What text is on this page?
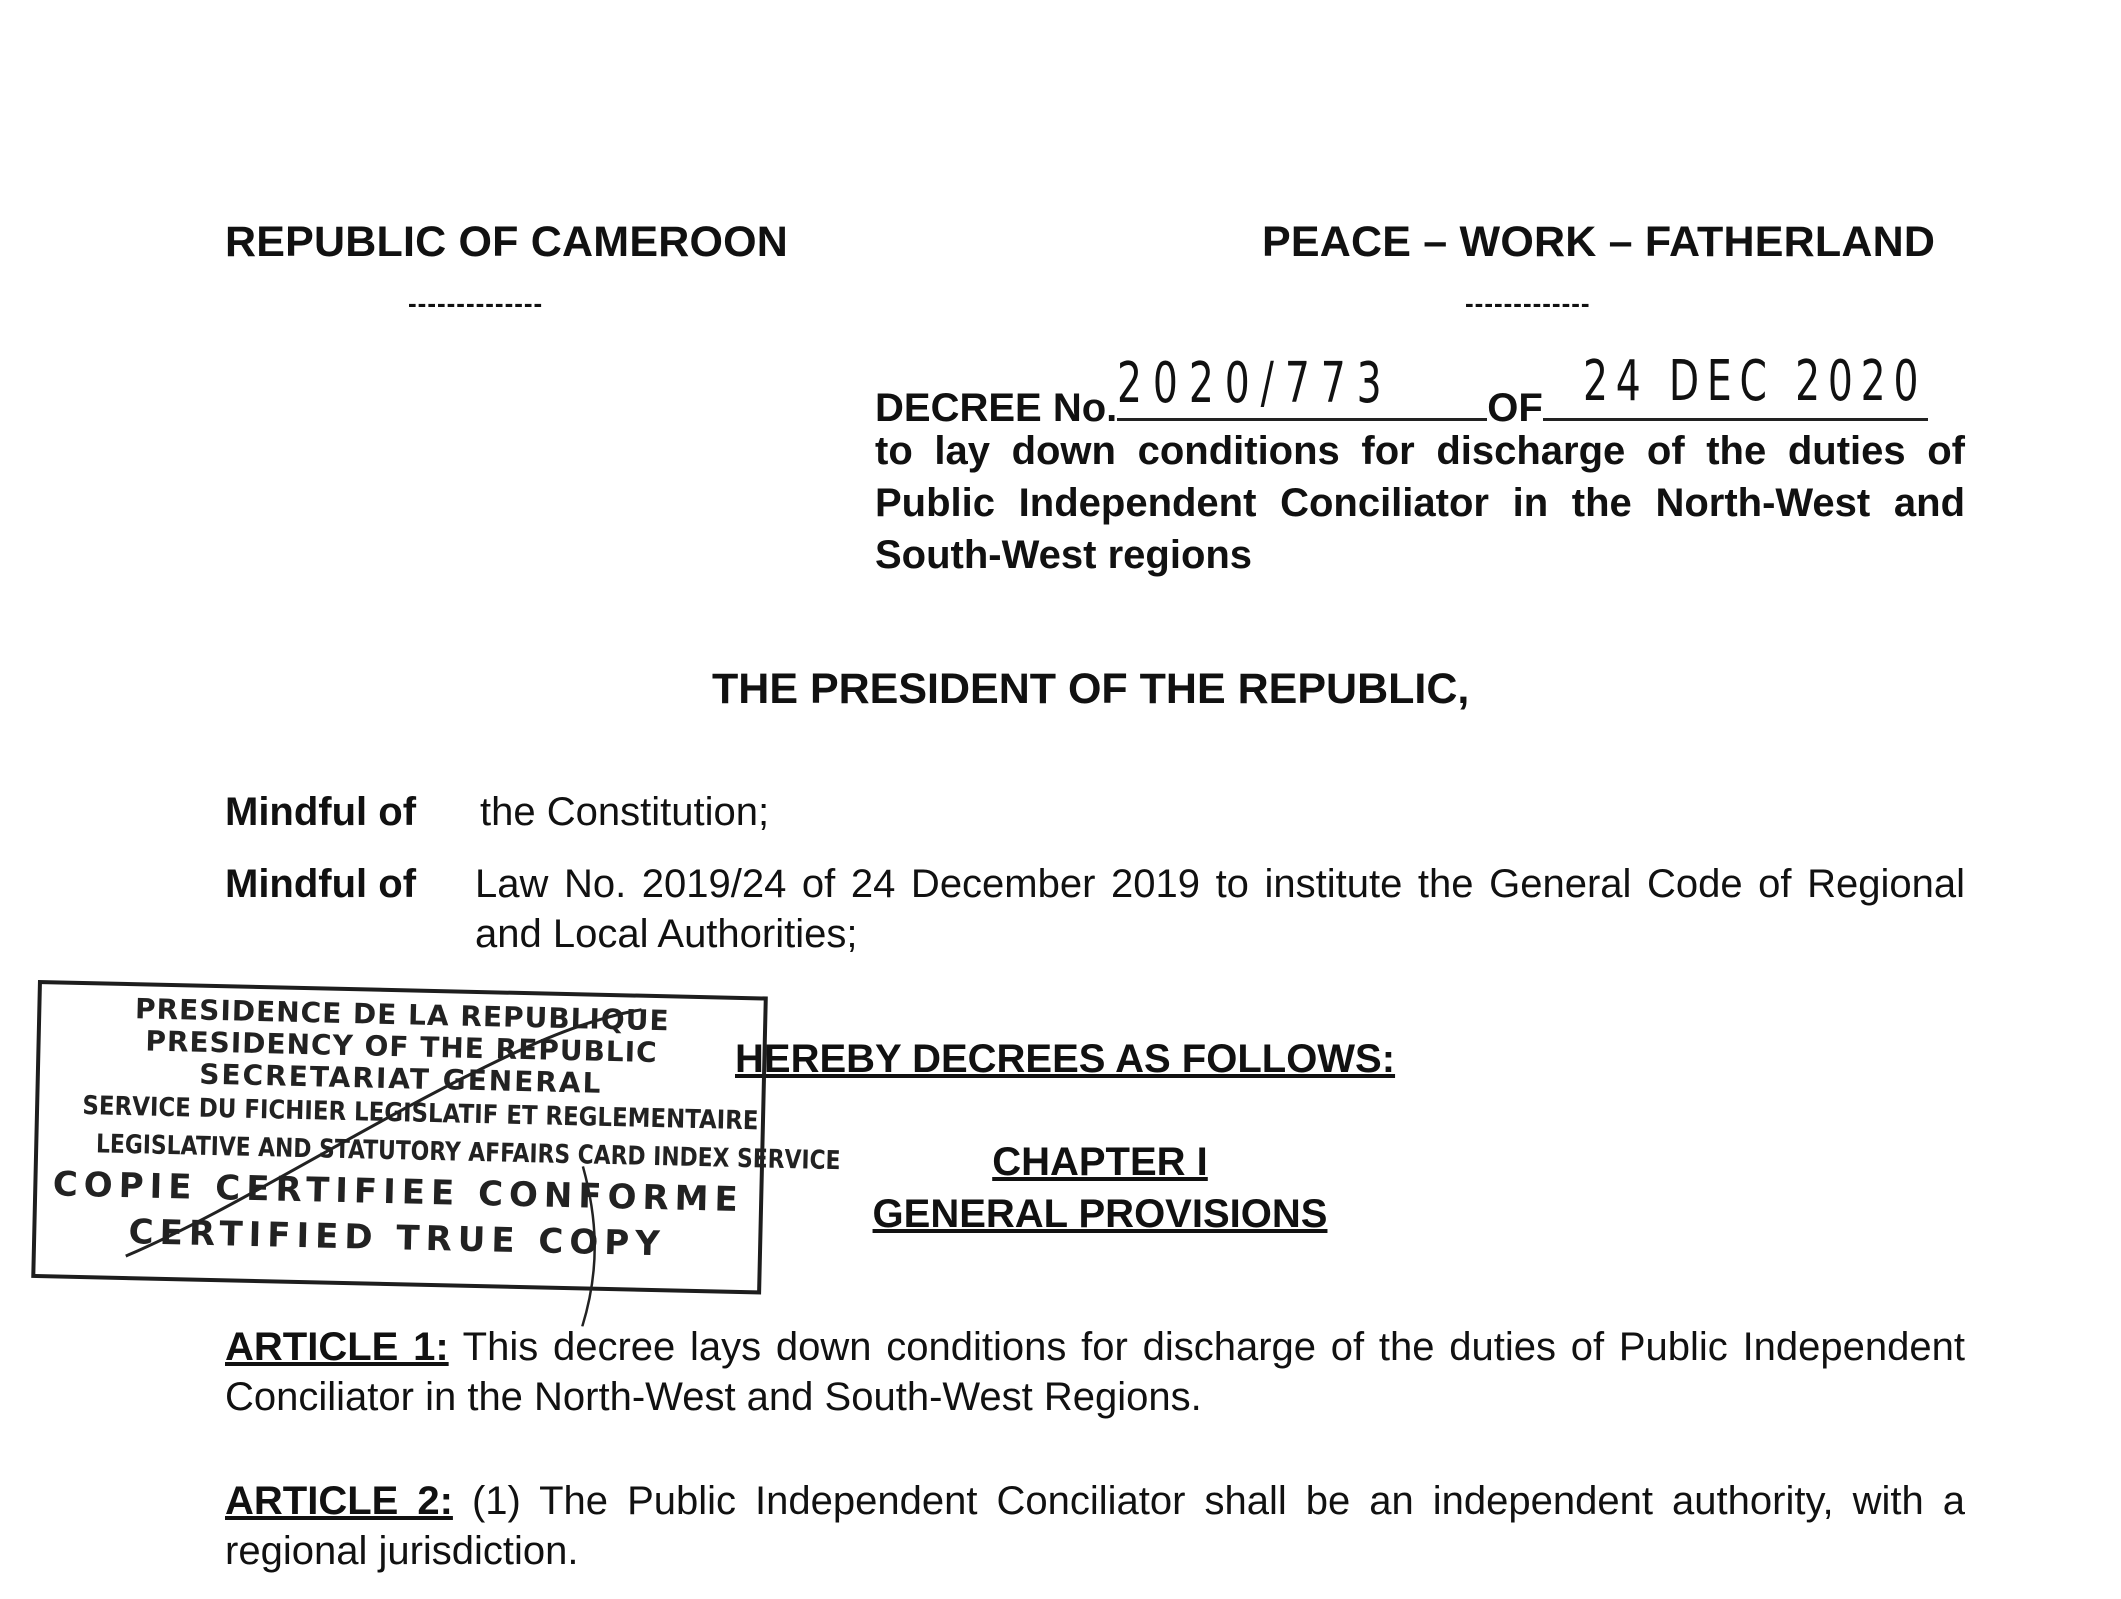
REPUBLIC OF CAMEROON
--------------
PEACE – WORK – FATHERLAND
-------------
DECREE No. 2020/773	OF 24 DEC 2020
to lay down conditions for discharge of the duties of Public Independent Conciliator in the North-West and South-West regions
THE PRESIDENT OF THE REPUBLIC,
Mindful of the Constitution;
Mindful of Law No. 2019/24 of 24 December 2019 to institute the General Code of Regional and Local Authorities;
HEREBY DECREES AS FOLLOWS:
CHAPTER I
GENERAL PROVISIONS
ARTICLE 1: This decree lays down conditions for discharge of the duties of Public Independent Conciliator in the North-West and South-West Regions.
ARTICLE 2: (1) The Public Independent Conciliator shall be an independent authority, with a regional jurisdiction.
PRESIDENCE DE LA REPUBLIQUE
PRESIDENCY OF THE REPUBLIC
SECRETARIAT GENERAL
SERVICE DU FICHIER LEGISLATIF ET REGLEMENTAIRE
LEGISLATIVE AND STATUTORY AFFAIRS CARD INDEX SERVICE
COPIE CERTIFIEE CONFORME
CERTIFIED TRUE COPY
